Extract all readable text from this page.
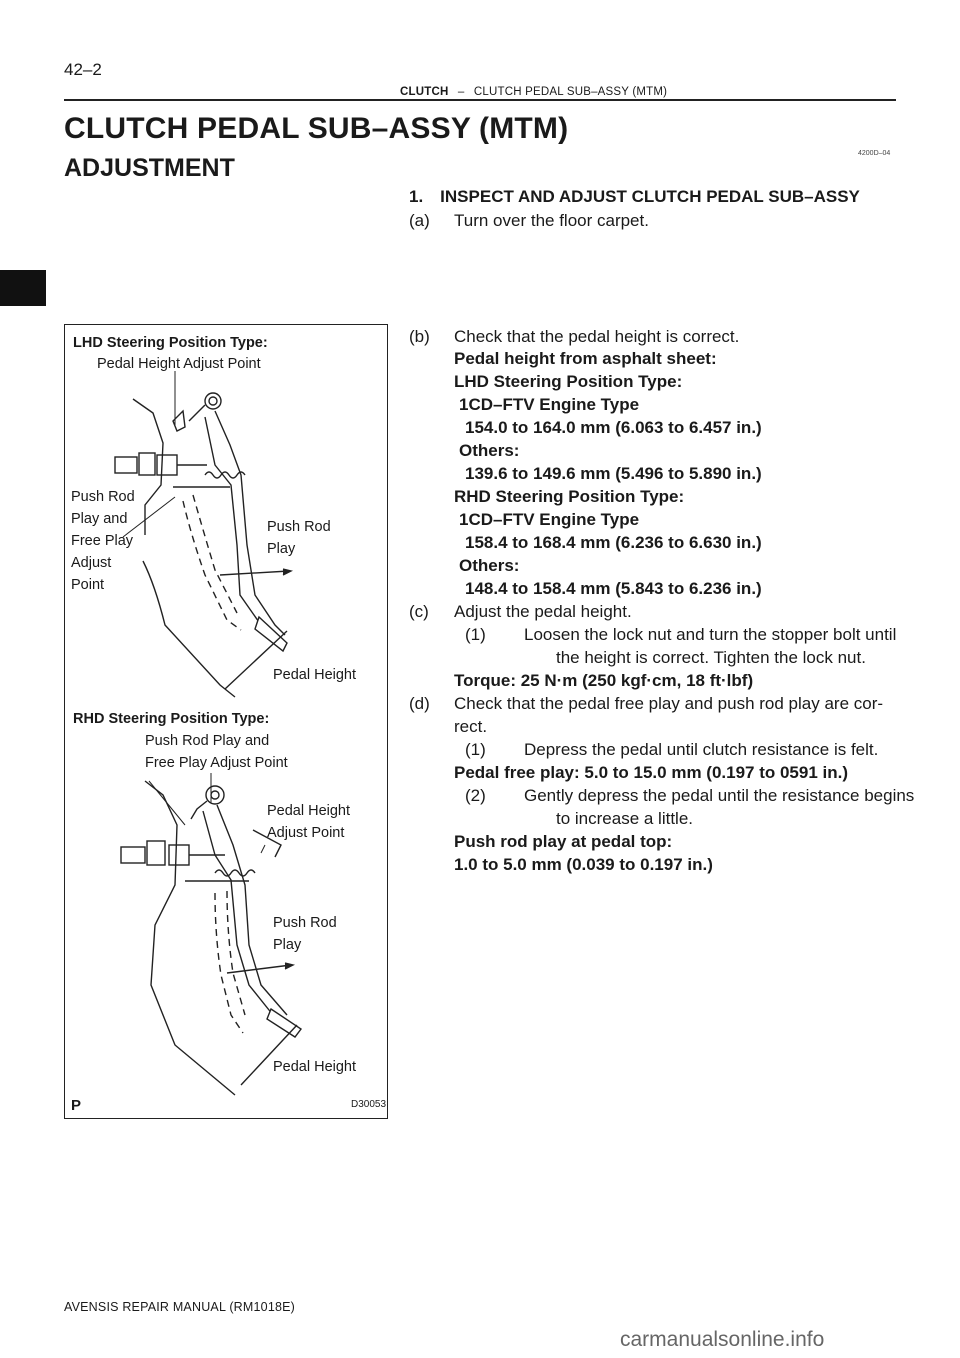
42–2
CLUTCH – CLUTCH PEDAL SUB–ASSY (MTM)
CLUTCH PEDAL SUB–ASSY (MTM)
ADJUSTMENT
4200D–04
1. INSPECT AND ADJUST CLUTCH PEDAL SUB–ASSY
(a) Turn over the floor carpet.
(b) Check that the pedal height is correct.
Pedal height from asphalt sheet:
LHD Steering Position Type:
1CD–FTV Engine Type
154.0 to 164.0 mm (6.063 to 6.457 in.)
Others:
139.6 to 149.6 mm (5.496 to 5.890 in.)
RHD Steering Position Type:
1CD–FTV Engine Type
158.4 to 168.4 mm (6.236 to 6.630 in.)
Others:
148.4 to 158.4 mm (5.843 to 6.236 in.)
(c) Adjust the pedal height.
(1) Loosen the lock nut and turn the stopper bolt until
the height is correct. Tighten the lock nut.
Torque: 25 N·m (250 kgf·cm, 18 ft·lbf)
(d) Check that the pedal free play and push rod play are cor-
rect.
(1) Depress the pedal until clutch resistance is felt.
Pedal free play: 5.0 to 15.0 mm (0.197 to 0591 in.)
(2) Gently depress the pedal until the resistance begins
to increase a little.
Push rod play at pedal top:
1.0 to 5.0 mm (0.039 to 0.197 in.)
LHD Steering Position Type:
Pedal Height Adjust Point
Push Rod
Play and
Free Play
Adjust
Point
Push Rod
Play
Pedal Height
RHD Steering Position Type:
Push Rod Play and
Free Play Adjust Point
Pedal Height
Adjust Point
Push Rod
Play
Pedal Height
P	D30053
AVENSIS REPAIR MANUAL (RM1018E)
carmanualsonline.info
